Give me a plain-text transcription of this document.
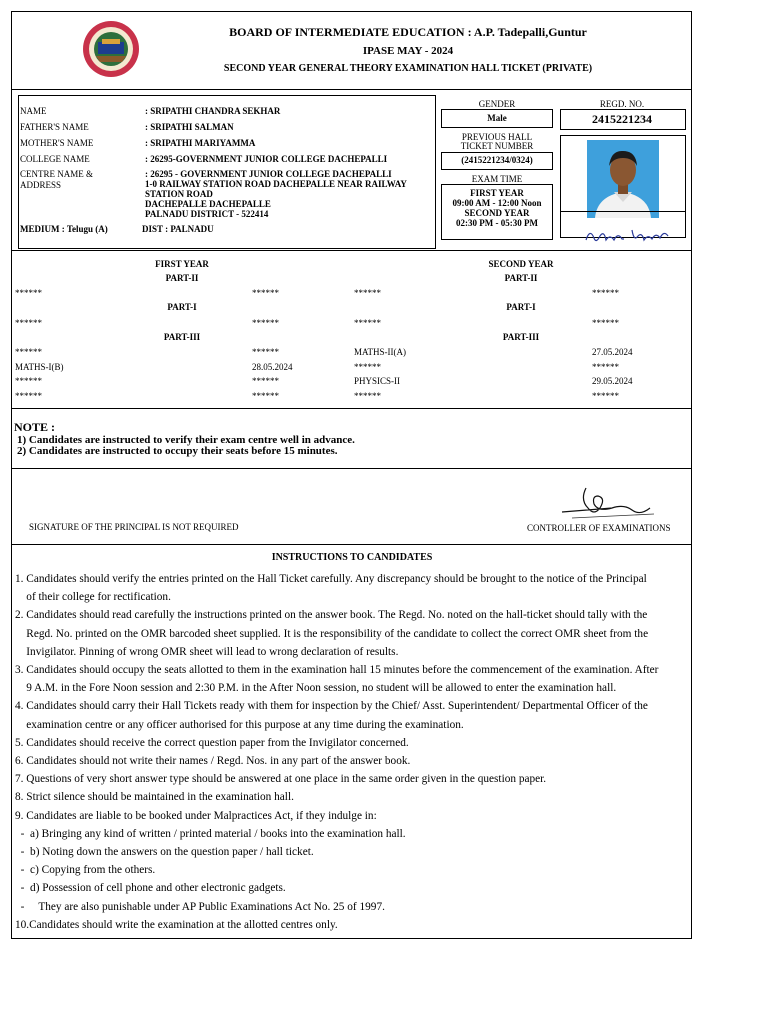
BOARD OF INTERMEDIATE EDUCATION : A.P. Tadepalli,Guntur
IPASE MAY - 2024
SECOND YEAR GENERAL THEORY EXAMINATION HALL TICKET (PRIVATE)
NAME	: SRIPATHI CHANDRA SEKHAR
FATHER'S NAME	: SRIPATHI SALMAN
MOTHER'S NAME	: SRIPATHI MARIYAMMA
COLLEGE NAME	: 26295-GOVERNMENT JUNIOR COLLEGE DACHEPALLI
CENTRE NAME &
ADDRESS
: 26295 - GOVERNMENT JUNIOR COLLEGE DACHEPALLI
1-0 RAILWAY STATION ROAD DACHEPALLE NEAR RAILWAY
STATION ROAD
DACHEPALLE DACHEPALLE
PALNADU DISTRICT - 522414
MEDIUM : Telugu (A)	DIST : PALNADU
GENDER
Male
REGD. NO.
2415221234
PREVIOUS HALL
TICKET NUMBER
(2415221234/0324)
EXAM TIME
FIRST YEAR
09:00 AM - 12:00 Noon
SECOND YEAR
02:30 PM - 05:30 PM
FIRST YEAR	SECOND YEAR
PART-II	PART-II
******	******	******	******
PART-I	PART-I
******	******	******	******
PART-III	PART-III
******	******	MATHS-II(A)	27.05.2024
MATHS-I(B)	28.05.2024	******	******
******	******	PHYSICS-II	29.05.2024
******	******	******	******
NOTE :
1) Candidates are instructed to verify their exam centre well in advance.
2) Candidates are instructed to occupy their seats before 15 minutes.
SIGNATURE OF THE PRINCIPAL IS NOT REQUIRED	CONTROLLER OF EXAMINATIONS
INSTRUCTIONS TO CANDIDATES
1. Candidates should verify the entries printed on the Hall Ticket carefully. Any discrepancy should be brought to the notice of the Principal
of their college for rectification.
2. Candidates should read carefully the instructions printed on the answer book. The Regd. No. noted on the hall-ticket should tally with the
Regd. No. printed on the OMR barcoded sheet supplied. It is the responsibility of the candidate to collect the correct OMR sheet from the
Invigilator. Pinning of wrong OMR sheet will lead to wrong declaration of results.
3. Candidates should occupy the seats allotted to them in the examination hall 15 minutes before the commencement of the examination. After
9 A.M. in the Fore Noon session and 2:30 P.M. in the After Noon session, no student will be allowed to enter the examination hall.
4. Candidates should carry their Hall Tickets ready with them for inspection by the Chief/ Asst. Superintendent/ Departmental Officer of the
examination centre or any officer authorised for this purpose at any time during the examination.
5. Candidates should receive the correct question paper from the Invigilator concerned.
6. Candidates should not write their names / Regd. Nos. in any part of the answer book.
7. Questions of very short answer type should be answered at one place in the same order given in the question paper.
8. Strict silence should be maintained in the examination hall.
9. Candidates are liable to be booked under Malpractices Act, if they indulge in:
-  a) Bringing any kind of written / printed material / books into the examination hall.
-  b) Noting down the answers on the question paper / hall ticket.
-  c) Copying from the others.
-  d) Possession of cell phone and other electronic gadgets.
-     They are also punishable under AP Public Examinations Act No. 25 of 1997.
10.Candidates should write the examination at the allotted centres only.
